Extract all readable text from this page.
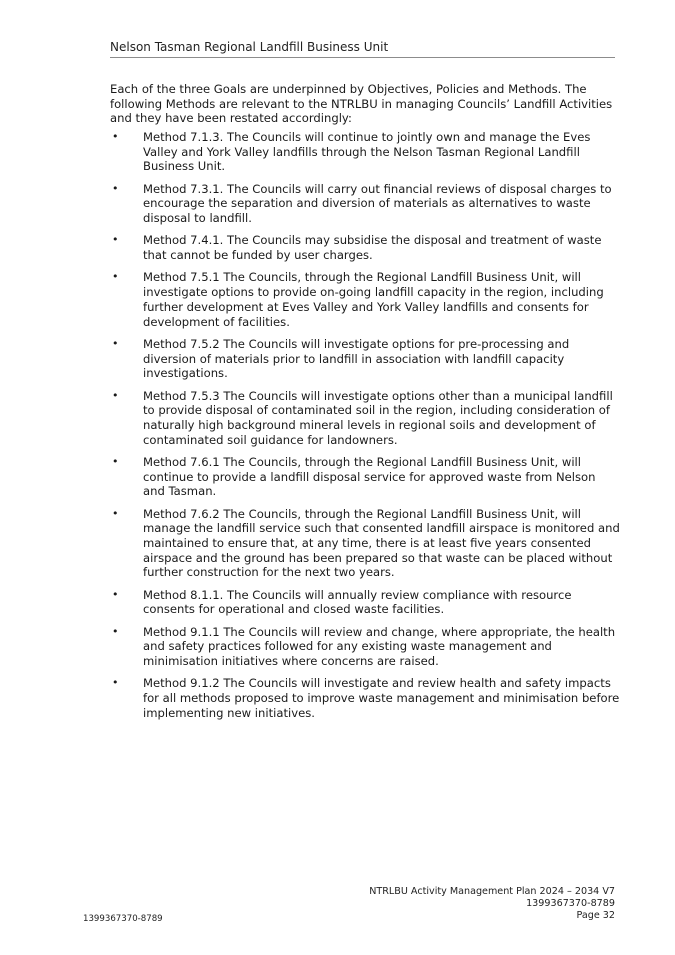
Nelson Tasman Regional Landfill Business Unit

Each of the three Goals are underpinned by Objectives, Policies and Methods. The following Methods are relevant to the NTRLBU in managing Councils’ Landfill Activities and they have been restated accordingly:

• Method 7.1.3. The Councils will continue to jointly own and manage the Eves Valley and York Valley landfills through the Nelson Tasman Regional Landfill Business Unit.
• Method 7.3.1. The Councils will carry out financial reviews of disposal charges to encourage the separation and diversion of materials as alternatives to waste disposal to landfill.
• Method 7.4.1. The Councils may subsidise the disposal and treatment of waste that cannot be funded by user charges.
• Method 7.5.1 The Councils, through the Regional Landfill Business Unit, will investigate options to provide on-going landfill capacity in the region, including further development at Eves Valley and York Valley landfills and consents for development of facilities.
• Method 7.5.2 The Councils will investigate options for pre-processing and diversion of materials prior to landfill in association with landfill capacity investigations.
• Method 7.5.3 The Councils will investigate options other than a municipal landfill to provide disposal of contaminated soil in the region, including consideration of naturally high background mineral levels in regional soils and development of contaminated soil guidance for landowners.
• Method 7.6.1 The Councils, through the Regional Landfill Business Unit, will continue to provide a landfill disposal service for approved waste from Nelson and Tasman.
• Method 7.6.2 The Councils, through the Regional Landfill Business Unit, will manage the landfill service such that consented landfill airspace is monitored and maintained to ensure that, at any time, there is at least five years consented airspace and the ground has been prepared so that waste can be placed without further construction for the next two years.
• Method 8.1.1. The Councils will annually review compliance with resource consents for operational and closed waste facilities.
• Method 9.1.1 The Councils will review and change, where appropriate, the health and safety practices followed for any existing waste management and minimisation initiatives where concerns are raised.
• Method 9.1.2 The Councils will investigate and review health and safety impacts for all methods proposed to improve waste management and minimisation before implementing new initiatives.
NTRLBU Activity Management Plan 2024 – 2034 V7
1399367370-8789
Page 32
1399367370-8789
